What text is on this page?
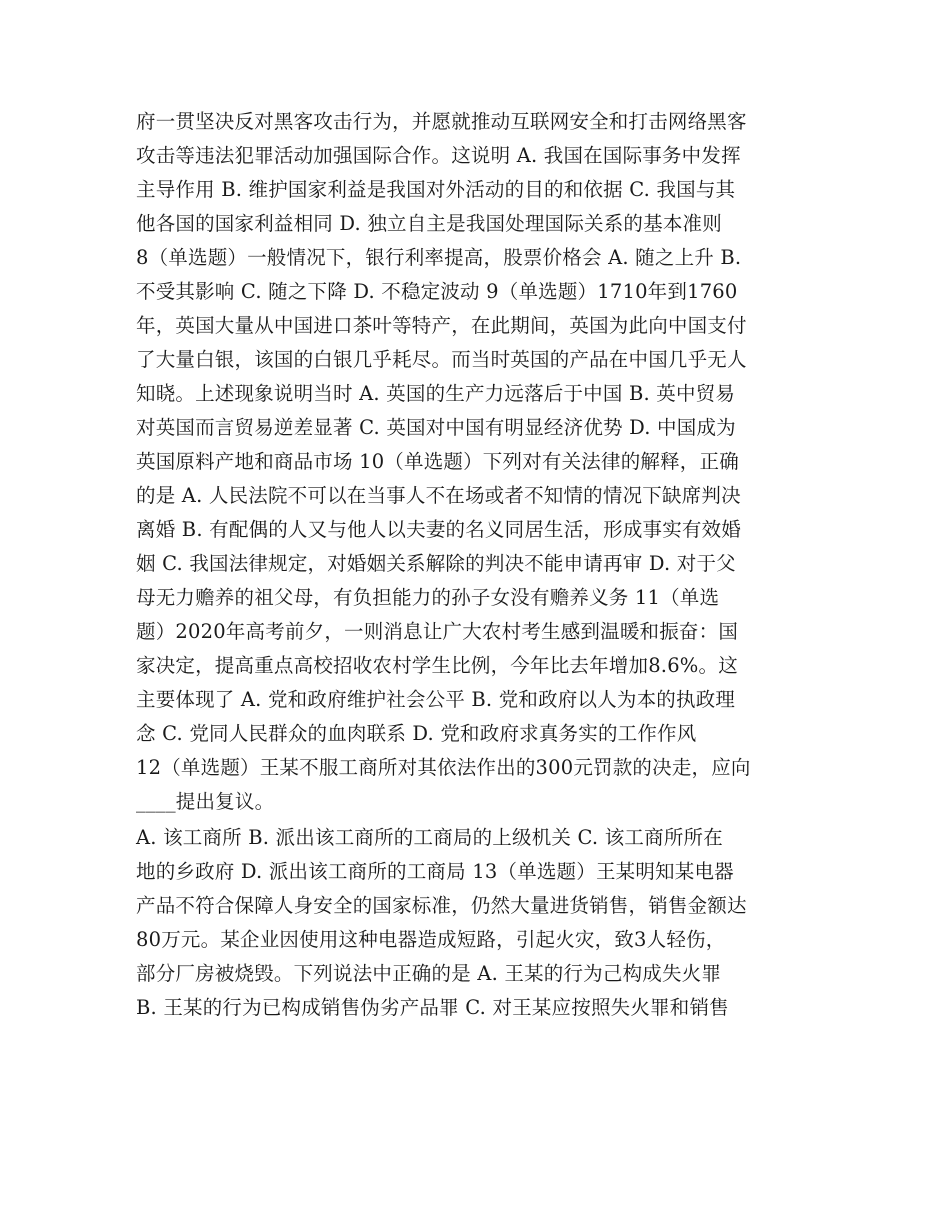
府一贯坚决反对黑客攻击行为，并愿就推动互联网安全和打击网络黑客
攻击等违法犯罪活动加强国际合作。这说明 A. 我国在国际事务中发挥
主导作用 B. 维护国家利益是我国对外活动的目的和依据 C. 我国与其
他各国的国家利益相同 D. 独立自主是我国处理国际关系的基本准则
8（单选题）一般情况下，银行利率提高，股票价格会 A. 随之上升 B.
不受其影响 C. 随之下降 D. 不稳定波动 9（单选题）1710年到1760
年，英国大量从中国进口茶叶等特产，在此期间，英国为此向中国支付
了大量白银，该国的白银几乎耗尽。而当时英国的产品在中国几乎无人
知晓。上述现象说明当时 A. 英国的生产力远落后于中国 B. 英中贸易
对英国而言贸易逆差显著 C. 英国对中国有明显经济优势 D. 中国成为
英国原料产地和商品市场 10（单选题）下列对有关法律的解释，正确
的是 A. 人民法院不可以在当事人不在场或者不知情的情况下缺席判决
离婚 B. 有配偶的人又与他人以夫妻的名义同居生活，形成事实有效婚
姻 C. 我国法律规定，对婚姻关系解除的判决不能申请再审 D. 对于父
母无力赡养的祖父母，有负担能力的孙子女没有赡养义务 11（单选
题）2020年高考前夕，一则消息让广大农村考生感到温暖和振奋：国
家决定，提高重点高校招收农村学生比例，今年比去年增加8.6%。这
主要体现了 A. 党和政府维护社会公平 B. 党和政府以人为本的执政理
念 C. 党同人民群众的血肉联系 D. 党和政府求真务实的工作作风
12（单选题）王某不服工商所对其依法作出的300元罚款的决走，应向
____提出复议。
A. 该工商所 B. 派出该工商所的工商局的上级机关 C. 该工商所所在
地的乡政府 D. 派出该工商所的工商局 13（单选题）王某明知某电器
产品不符合保障人身安全的国家标准，仍然大量进货销售，销售金额达
80万元。某企业因使用这种电器造成短路，引起火灾，致3人轻伤，
部分厂房被烧毁。下列说法中正确的是 A. 王某的行为己构成失火罪
B. 王某的行为已构成销售伪劣产品罪 C. 对王某应按照失火罪和销售
